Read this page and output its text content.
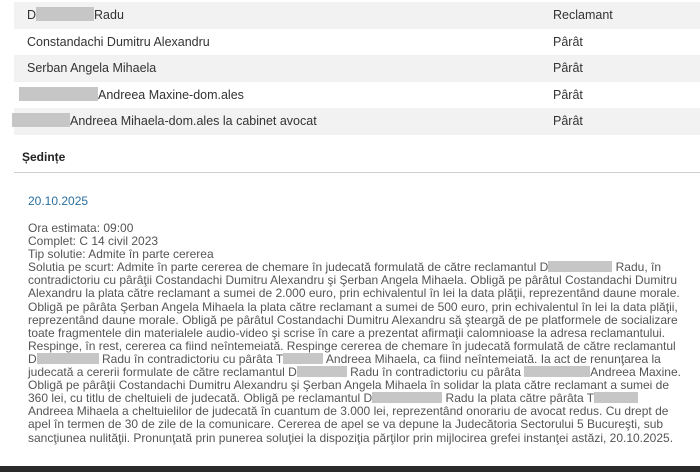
D	Radu	Reclamant
Constandachi Dumitru Alexandru	Pârât
Serban Angela Mihaela	Pârât
Andreea Maxine-dom.ales	Pârât
Andreea Mihaela-dom.ales la cabinet avocat	Pârât
Ședințe
20.10.2025

Ora estimata: 09:00

Complet: C 14 civil 2023

Tip solutie: Admite în parte cererea

Solutia pe scurt: Admite în parte cererea de chemare în judecată formulată de către reclamantul D	Radu, în contradictoriu cu pârâţii Costandachi Dumitru Alexandru şi Şerban Angela Mihaela. Obligă pe pârâtul Costandachi Dumitru Alexandru la plata către reclamant a sumei de 2.000 euro, prin echivalentul în lei la data plăţii, reprezentând daune morale. Obligă pe pârâta Şerban Angela Mihaela la plata către reclamant a sumei de 500 euro, prin echivalentul în lei la data plăţii, reprezentând daune morale. Obligă pe pârâtul Costandachi Dumitru Alexandru să şteargă de pe platformele de socializare toate fragmentele din materialele audio-video şi scrise în care a prezentat afirmaţii calomnioase la adresa reclamantului. Respinge, în rest, cererea ca fiind neîntemeiată. Respinge cererea de chemare în judecată formulată de către reclamantul D	Radu în contradictoriu cu pârâta T	Andreea Mihaela, ca fiind neîntemeiată. Ia act de renunţarea la judecată a cererii formulate de către reclamantul D	Radu în contradictoriu cu pârâta	Andreea Maxine. Obligă pe pârâţii Costandachi Dumitru Alexandru şi Şerban Angela Mihaela în solidar la plata către reclamant a sumei de 360 lei, cu titlu de cheltuieli de judecată. Obligă pe reclamantul D	Radu la plata către pârâta T Andreea Mihaela a cheltuielilor de judecată în cuantum de 3.000 lei, reprezentând onorariu de avocat redus. Cu drept de apel în termen de 30 de zile de la comunicare. Cererea de apel se va depune la Judecătoria Sectorului 5 Bucureşti, sub sancţiunea nulităţii. Pronunţată prin punerea soluţiei la dispoziţia părţilor prin mijlocirea grefei instanţei astăzi, 20.10.2025.
